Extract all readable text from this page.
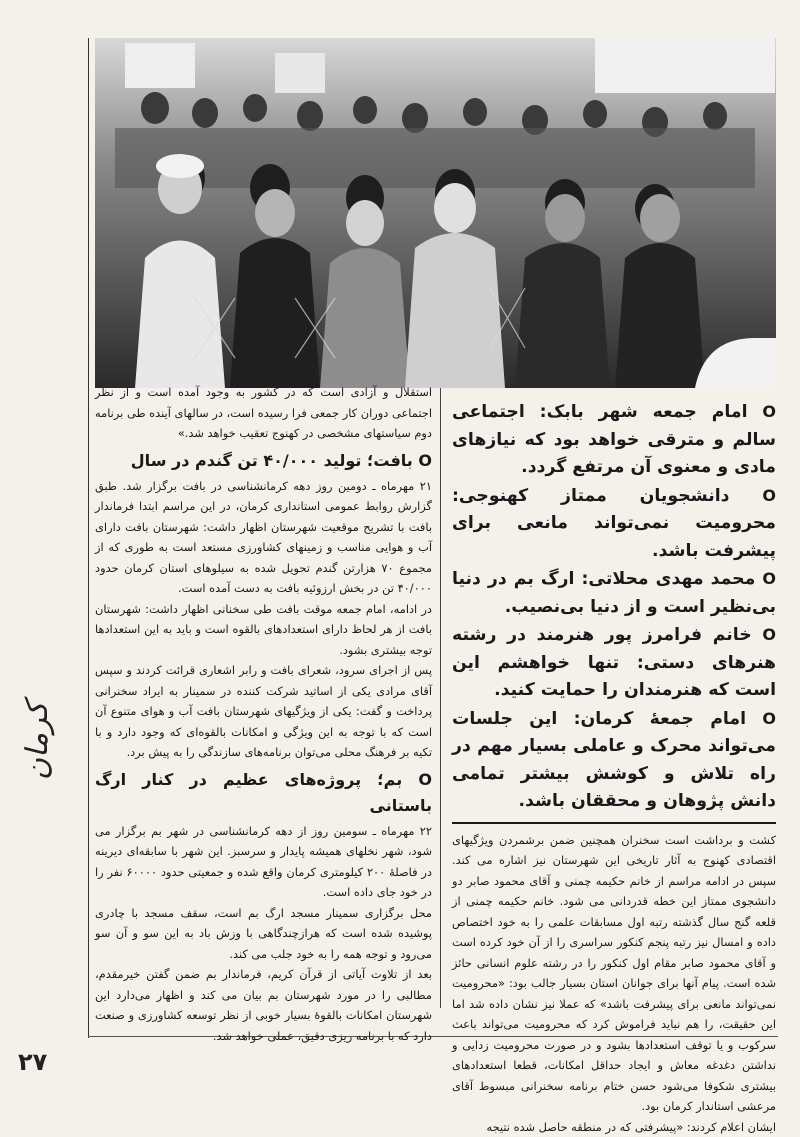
O امام جمعه شهر بابک: اجتماعی سالم و مترقی خواهد بود که نیازهای مادی و معنوی آن مرتفع گردد.

O دانشجویان ممتاز کهنوجی: محرومیت نمی‌تواند مانعی برای پیشرفت باشد.

O محمد مهدی محلاتی: ارگ بم در دنیا بی‌نظیر است و از دنیا بی‌نصیب.

O خانم فرامرز پور هنرمند در رشته هنرهای دستی: تنها خواهشم این است که هنرمندان را حمایت کنید.

O امام جمعهٔ کرمان: این جلسات می‌تواند محرک و عاملی بسیار مهم در راه تلاش و کوشش بیشتر تمامی دانش پژوهان و محققان باشد.

کشت و برداشت است سخنران همچنین ضمن برشمردن ویژگیهای اقتصادی کهنوج به آثار تاریخی این شهرستان نیز اشاره می کند. سپس در ادامه مراسم از خانم حکیمه چمنی و آقای محمود صابر دو دانشجوی ممتاز این خطه قدردانی می شود. خانم حکیمه چمنی از قلعه گنج سال گذشته رتبه اول مسابقات علمی را به خود اختصاص داده و امسال نیز رتبه پنجم کنکور سراسری را از آن خود کرده است و آقای محمود صابر مقام اول کنکور را در رشته علوم انسانی حائز شده است. پیام آنها برای جوانان استان بسیار جالب بود: «محرومیت نمی‌تواند مانعی برای پیشرفت باشد» که عملا نیز نشان داده شد اما این حقیقت، را هم نباید فراموش کرد که محرومیت می‌تواند باعث سرکوب و یا توقف استعدادها بشود و در صورت محرومیت زدایی و نداشتن دغدغه معاش و ایجاد حداقل امکانات، قطعا استعدادهای بیشتری شکوفا می‌شود حسن ختام برنامه سخنرانی مبسوط آقای مرعشی استاندار کرمان بود.

ایشان اعلام کردند: «پیشرفتی که در منطقه حاصل شده نتیجه

استقلال و آزادی است که در کشور به وجود آمده است و از نظر اجتماعی دوران کار جمعی فرا رسیده است، در سالهای آینده طی برنامه دوم سیاستهای مشخصی در کهنوج تعقیب خواهد شد.»

O بافت؛ تولید ۴۰/۰۰۰ تن گندم در سال

۲۱ مهرماه ـ دومین روز دهه کرمانشناسی در بافت برگزار شد. طبق گزارش روابط عمومی استانداری کرمان، در این مراسم ابتدا فرماندار بافت با تشریح موقعیت شهرستان اظهار داشت: شهرستان بافت دارای آب و هوایی مناسب و زمینهای کشاورزی مستعد است به طوری که از مجموع ۷۰ هزارتن گندم تحویل شده به سیلوهای استان کرمان حدود ۴۰/۰۰۰ تن در بخش ارزوئیه بافت به دست آمده است.

در ادامه، امام جمعه موقت بافت طی سخنانی اظهار داشت: شهرستان بافت از هر لحاظ دارای استعدادهای بالقوه است و باید به این استعدادها توجه بیشتری بشود.

پس از اجرای سرود، شعرای بافت و رابر اشعاری قرائت کردند و سپس آقای مرادی یکی از اساتید شرکت کننده در سمینار به ایراد سخنرانی پرداخت و گفت: یکی از ویژگیهای شهرستان بافت آب و هوای متنوع آن است که با توجه به این ویژگی و امکانات بالقوه‌ای که وجود دارد و با تکیه بر فرهنگ محلی می‌توان برنامه‌های سازندگی را به پیش برد.

O بم؛ پروژه‌های عظیم در کنار ارگ باستانی

۲۲ مهرماه ـ سومین روز از دهه کرمانشناسی در شهر بم برگزار می شود، شهر نخلهای همیشه پایدار و سرسبز. این شهر با سابقه‌ای دیرینه در فاصلهٔ ۲۰۰ کیلومتری کرمان واقع شده و جمعیتی حدود ۶۰۰۰۰ نفر را در خود جای داده است.

محل برگزاری سمینار مسجد ارگ بم است، سقف مسجد با چادری پوشیده شده است که هرازچندگاهی با وزش باد به این سو و آن سو می‌رود و توجه همه را به خود جلب می کند.

بعد از تلاوت آیاتی از قرآن کریم، فرماندار بم ضمن گفتن خیرمقدم، مطالبی را در مورد شهرستان بم بیان می کند و اظهار می‌دارد این شهرستان امکانات بالقوهٔ بسیار خوبی از نظر توسعه کشاورزی و صنعت دارد که با برنامه ریزی دقیق، عملی خواهد شد.

کرمان
۲۷
